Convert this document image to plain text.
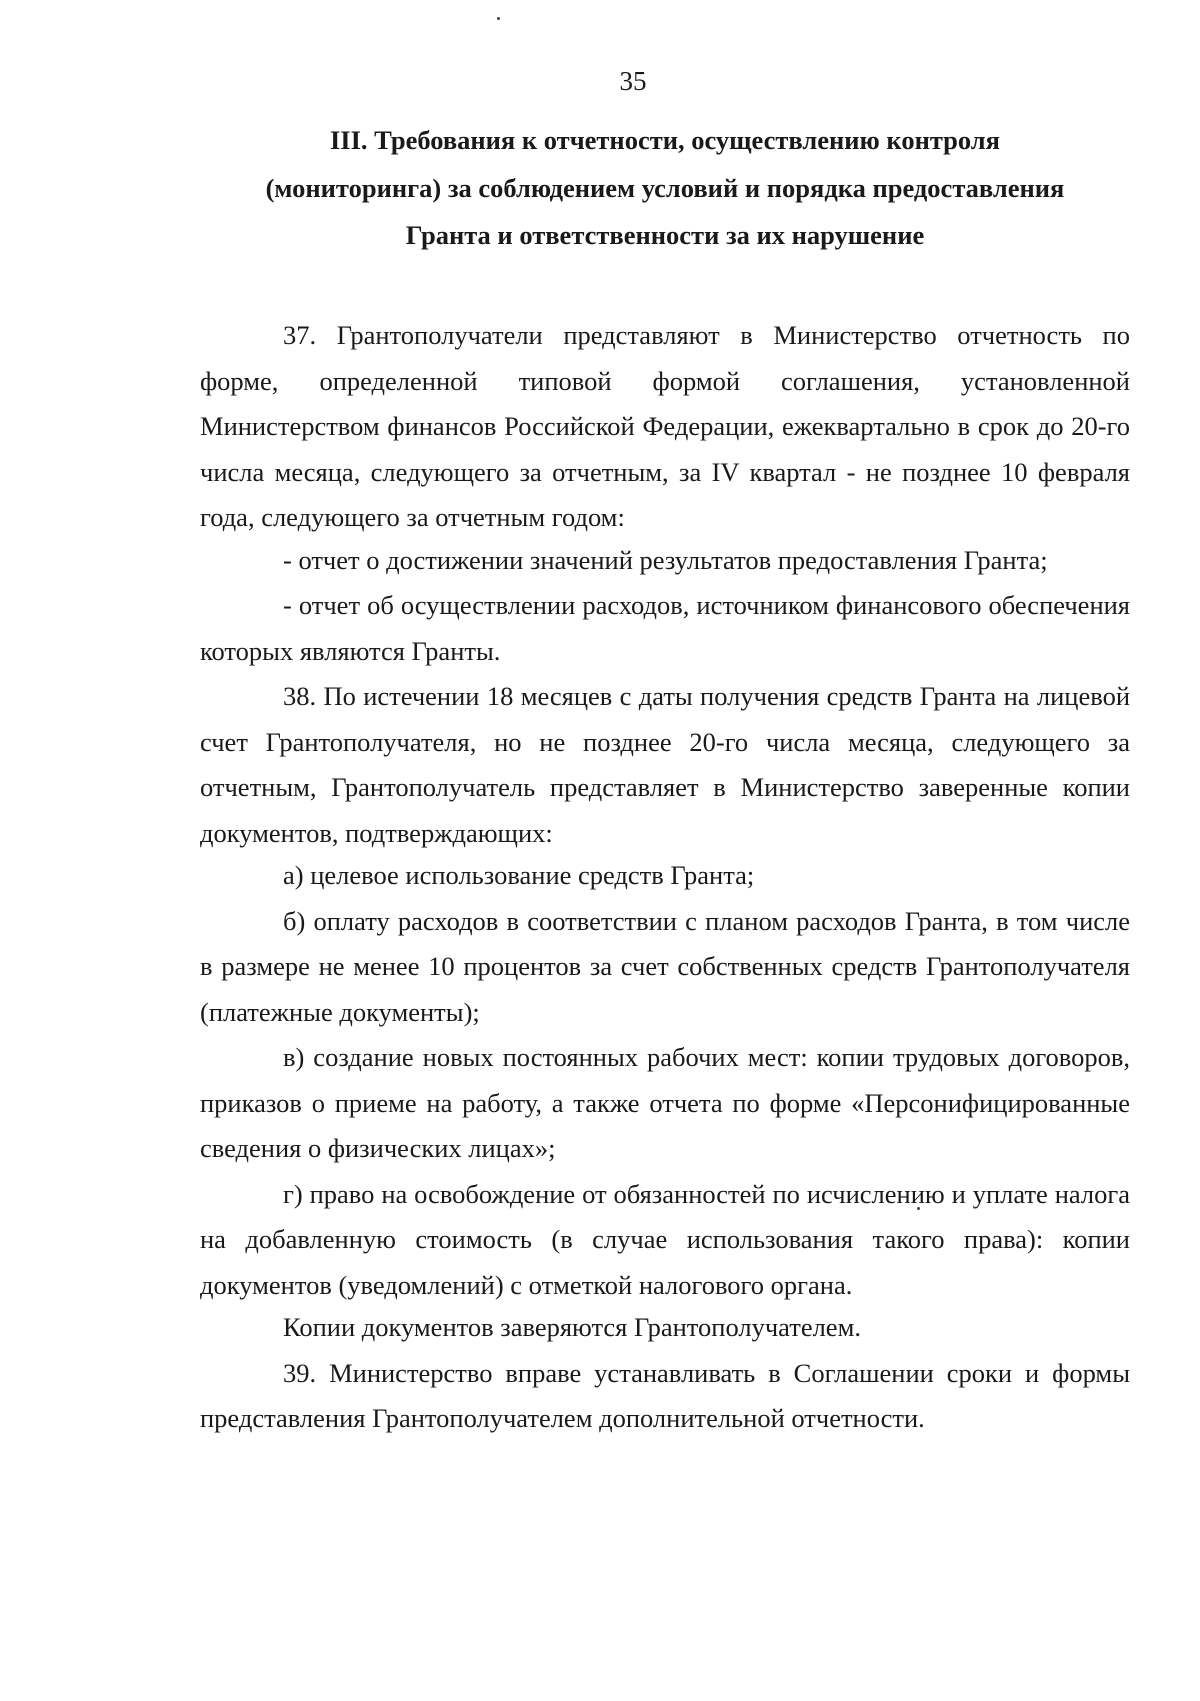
35
III. Требования к отчетности, осуществлению контроля
(мониторинга) за соблюдением условий и порядка предоставления
Гранта и ответственности за их нарушение

37. Грантополучатели представляют в Министерство отчетность по форме, определенной типовой формой соглашения, установленной Министерством финансов Российской Федерации, ежеквартально в срок до 20-го числа месяца, следующего за отчетным, за IV квартал - не позднее 10 февраля года, следующего за отчетным годом:

- отчет о достижении значений результатов предоставления Гранта;

- отчет об осуществлении расходов, источником финансового обеспечения которых являются Гранты.

38. По истечении 18 месяцев с даты получения средств Гранта на лицевой счет Грантополучателя, но не позднее 20-го числа месяца, следующего за отчетным, Грантополучатель представляет в Министерство заверенные копии документов, подтверждающих:

а) целевое использование средств Гранта;

б) оплату расходов в соответствии с планом расходов Гранта, в том числе в размере не менее 10 процентов за счет собственных средств Грантополучателя (платежные документы);

в) создание новых постоянных рабочих мест: копии трудовых договоров, приказов о приеме на работу, а также отчета по форме «Персонифицированные сведения о физических лицах»;

г) право на освобождение от обязанностей по исчислению и уплате налога на добавленную стоимость (в случае использования такого права): копии документов (уведомлений) с отметкой налогового органа.

Копии документов заверяются Грантополучателем.

39. Министерство вправе устанавливать в Соглашении сроки и формы представления Грантополучателем дополнительной отчетности.
